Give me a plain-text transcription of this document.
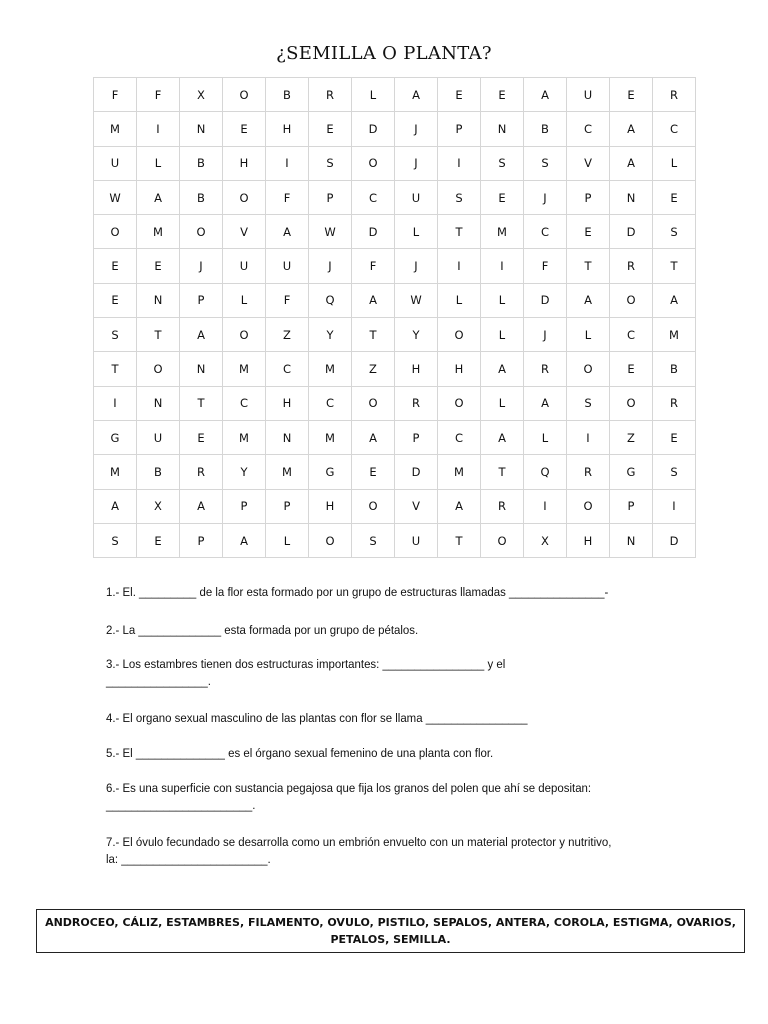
¿SEMILLA O PLANTA?
F	F	X	O	B	R	L	A	E	E	A	U	E	R
M	I	N	E	H	E	D	J	P	N	B	C	A	C
U	L	B	H	I	S	O	J	I	S	S	V	A	L
W	A	B	O	F	P	C	U	S	E	J	P	N	E
O	M	O	V	A	W	D	L	T	M	C	E	D	S
E	E	J	U	U	J	F	J	I	I	F	T	R	T
E	N	P	L	F	Q	A	W	L	L	D	A	O	A
S	T	A	O	Z	Y	T	Y	O	L	J	L	C	M
T	O	N	M	C	M	Z	H	H	A	R	O	E	B
I	N	T	C	H	C	O	R	O	L	A	S	O	R
G	U	E	M	N	M	A	P	C	A	L	I	Z	E
M	B	R	Y	M	G	E	D	M	T	Q	R	G	S
A	X	A	P	P	H	O	V	A	R	I	O	P	I
S	E	P	A	L	O	S	U	T	O	X	H	N	D

1.- El. _________ de la flor esta formado por un grupo de estructuras llamadas _______________-

2.- La _____________ esta formada por un grupo de pétalos.

3.- Los estambres tienen dos estructuras importantes: ________________ y el
________________.

4.- El organo sexual masculino de las plantas con flor se llama ________________

5.- El ______________ es el órgano sexual femenino de una planta con flor.

6.- Es una superficie con sustancia pegajosa que fija los granos del polen que ahí se depositan:
_______________________.
7.- El óvulo fecundado se desarrolla como un embrión envuelto con un material protector y nutritivo,
la: _______________________.
ANDROCEO, CÁLIZ, ESTAMBRES, FILAMENTO, OVULO, PISTILO, SEPALOS, ANTERA, COROLA, ESTIGMA, OVARIOS, PETALOS, SEMILLA.
